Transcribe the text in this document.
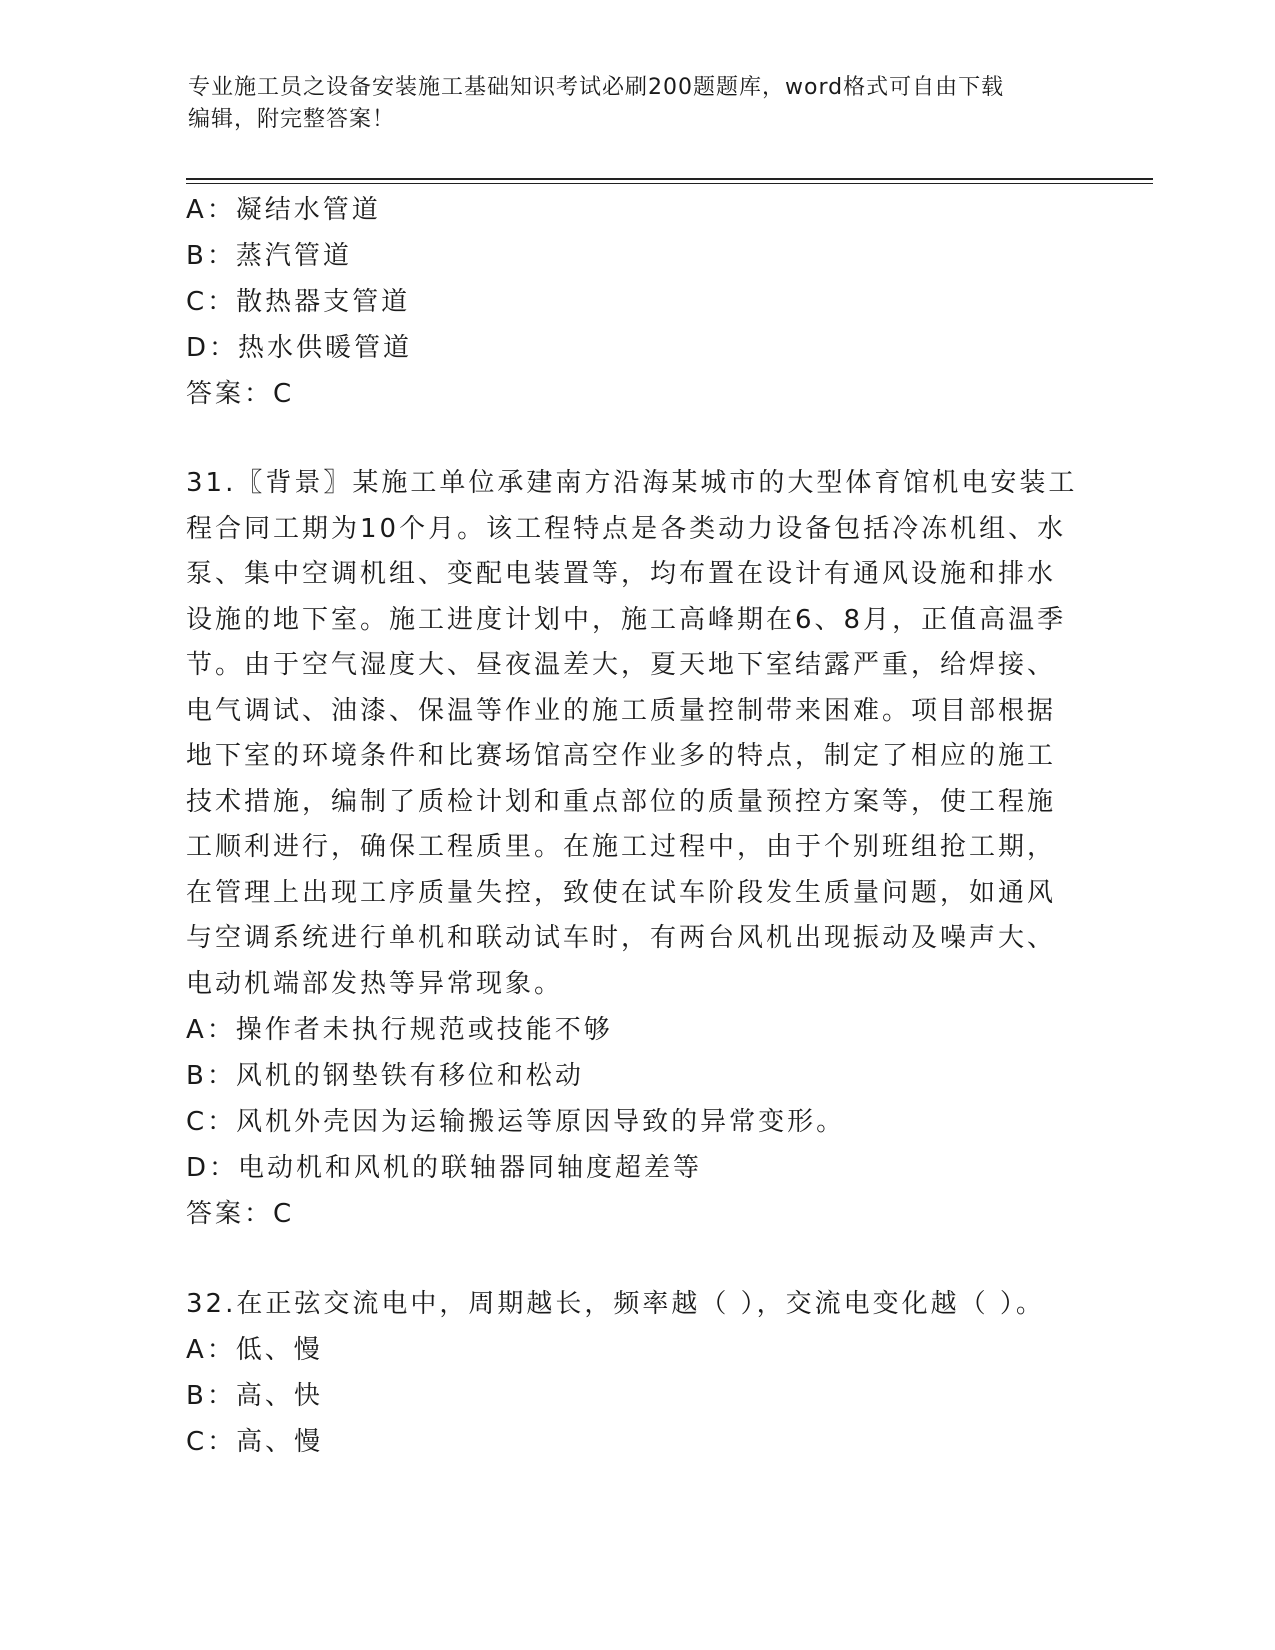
专业施工员之设备安装施工基础知识考试必刷200题题库，word格式可自由下载
编辑，附完整答案！
A：凝结水管道
B：蒸汽管道
C：散热器支管道
D：热水供暖管道
答案：C
31.〖背景〗某施工单位承建南方沿海某城市的大型体育馆机电安装工
程合同工期为10个月。该工程特点是各类动力设备包括冷冻机组、水
泵、集中空调机组、变配电装置等，均布置在设计有通风设施和排水
设施的地下室。施工进度计划中，施工高峰期在6、8月，正值高温季
节。由于空气湿度大、昼夜温差大，夏天地下室结露严重，给焊接、
电气调试、油漆、保温等作业的施工质量控制带来困难。项目部根据
地下室的环境条件和比赛场馆高空作业多的特点，制定了相应的施工
技术措施，编制了质检计划和重点部位的质量预控方案等，使工程施
工顺利进行，确保工程质里。在施工过程中，由于个别班组抢工期，
在管理上出现工序质量失控，致使在试车阶段发生质量问题，如通风
与空调系统进行单机和联动试车时，有两台风机出现振动及噪声大、
电动机端部发热等异常现象。
A：操作者未执行规范或技能不够
B：风机的钢垫铁有移位和松动
C：风机外壳因为运输搬运等原因导致的异常变形。
D：电动机和风机的联轴器同轴度超差等
答案：C
32.在正弦交流电中，周期越长，频率越（ ），交流电变化越（ ）。
A：低、慢
B：高、快
C：高、慢
